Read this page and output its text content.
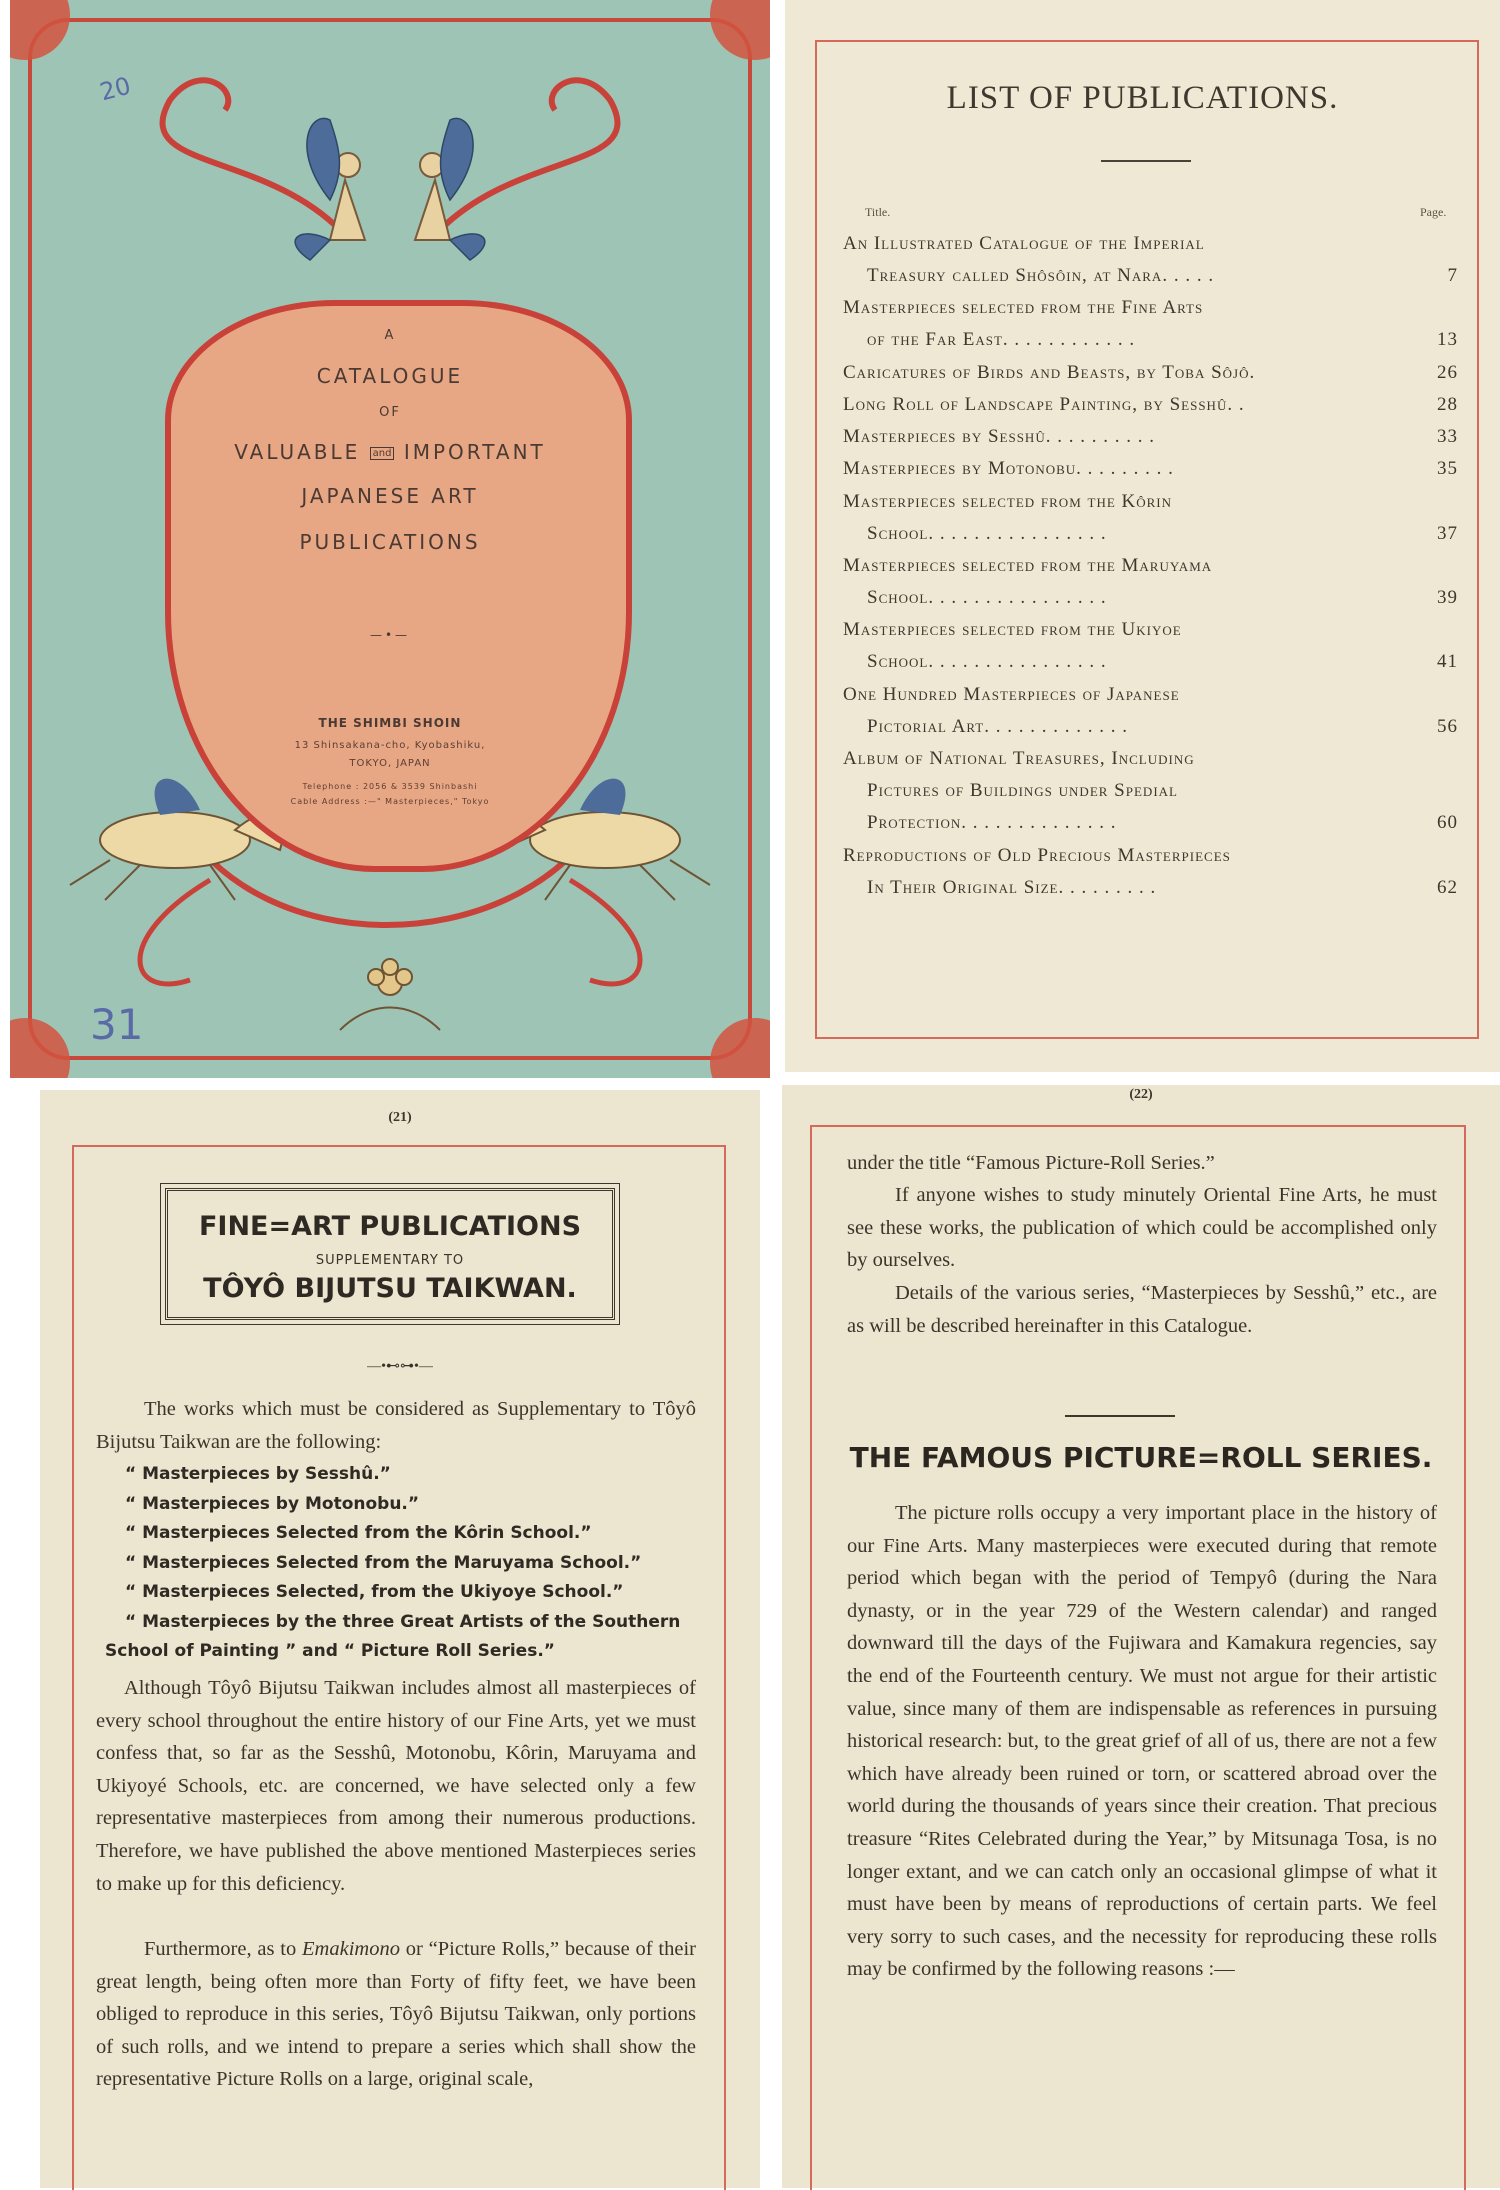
A
CATALOGUE
OF
VALUABLE and IMPORTANT
JAPANESE ART
PUBLICATIONS
—•—
THE SHIMBI SHOIN
13 Shinsakana-cho, Kyobashiku,
TOKYO, JAPAN
Telephone : 2056 & 3539 Shinbashi
Cable Address :—" Masterpieces," Tokyo
20
31
LIST OF PUBLICATIONS.
Title.	Page.
An Illustrated Catalogue of the Imperial
Treasury called Shôsôin, at Nara. . . . .	7
Masterpieces selected from the Fine Arts
of the Far East. . . . . . . . . . . .	13
Caricatures of Birds and Beasts, by Toba Sôjô.	26
Long Roll of Landscape Painting, by Sesshû. .	28
Masterpieces by Sesshû. . . . . . . . . .	33
Masterpieces by Motonobu. . . . . . . . .	35
Masterpieces selected from the Kôrin
School. . . . . . . . . . . . . . . .	37
Masterpieces selected from the Maruyama
School. . . . . . . . . . . . . . . .	39
Masterpieces selected from the Ukiyoe
School. . . . . . . . . . . . . . . .	41
One Hundred Masterpieces of Japanese
Pictorial Art. . . . . . . . . . . . .	56
Album of National Treasures, Including
Pictures of Buildings under Spedial
Protection. . . . . . . . . . . . . .	60
Reproductions of Old Precious Masterpieces
In Their Original Size. . . . . . . . .	62
(21)
FINE=ART PUBLICATIONS
SUPPLEMENTARY TO
TÔYÔ BIJUTSU TAIKWAN.
—•⊷⊶•—
The works which must be considered as Supplementary to Tôyô Bijutsu Taikwan are the following:
“ Masterpieces by Sesshû.”
“ Masterpieces by Motonobu.”
“ Masterpieces Selected from the Kôrin School.”
“ Masterpieces Selected from the Maruyama School.”
“ Masterpieces Selected, from the Ukiyoye School.”
“ Masterpieces by the three Great Artists of the Southern School of Painting ” and “ Picture Roll Series.”
Although Tôyô Bijutsu Taikwan includes almost all masterpieces of every school throughout the entire history of our Fine Arts, yet we must confess that, so far as the Sesshû, Motonobu, Kôrin, Maruyama and Ukiyoyé Schools, etc. are concerned, we have selected only a few representative masterpieces from among their numerous productions. Therefore, we have published the above mentioned Masterpieces series to make up for this deficiency.
Furthermore, as to Emakimono or “Picture Rolls,” because of their great length, being often more than Forty of fifty feet, we have been obliged to reproduce in this series, Tôyô Bijutsu Taikwan, only portions of such rolls, and we intend to prepare a series which shall show the representative Picture Rolls on a large, original scale,
(22)
under the title “Famous Picture-Roll Series.”
If anyone wishes to study minutely Oriental Fine Arts, he must see these works, the publication of which could be accomplished only by ourselves.
Details of the various series, “Masterpieces by Sesshû,” etc., are as will be described hereinafter in this Catalogue.
THE FAMOUS PICTURE=ROLL SERIES.
The picture rolls occupy a very important place in the history of our Fine Arts. Many masterpieces were executed during that remote period which began with the period of Tempyô (during the Nara dynasty, or in the year 729 of the Western calendar) and ranged downward till the days of the Fujiwara and Kamakura regencies, say the end of the Fourteenth century. We must not argue for their artistic value, since many of them are indispensable as references in pursuing historical research: but, to the great grief of all of us, there are not a few which have already been ruined or torn, or scattered abroad over the world during the thousands of years since their creation. That precious treasure “Rites Celebrated during the Year,” by Mitsunaga Tosa, is no longer extant, and we can catch only an occasional glimpse of what it must have been by means of reproductions of certain parts. We feel very sorry to such cases, and the necessity for reproducing these rolls may be confirmed by the following reasons :—
